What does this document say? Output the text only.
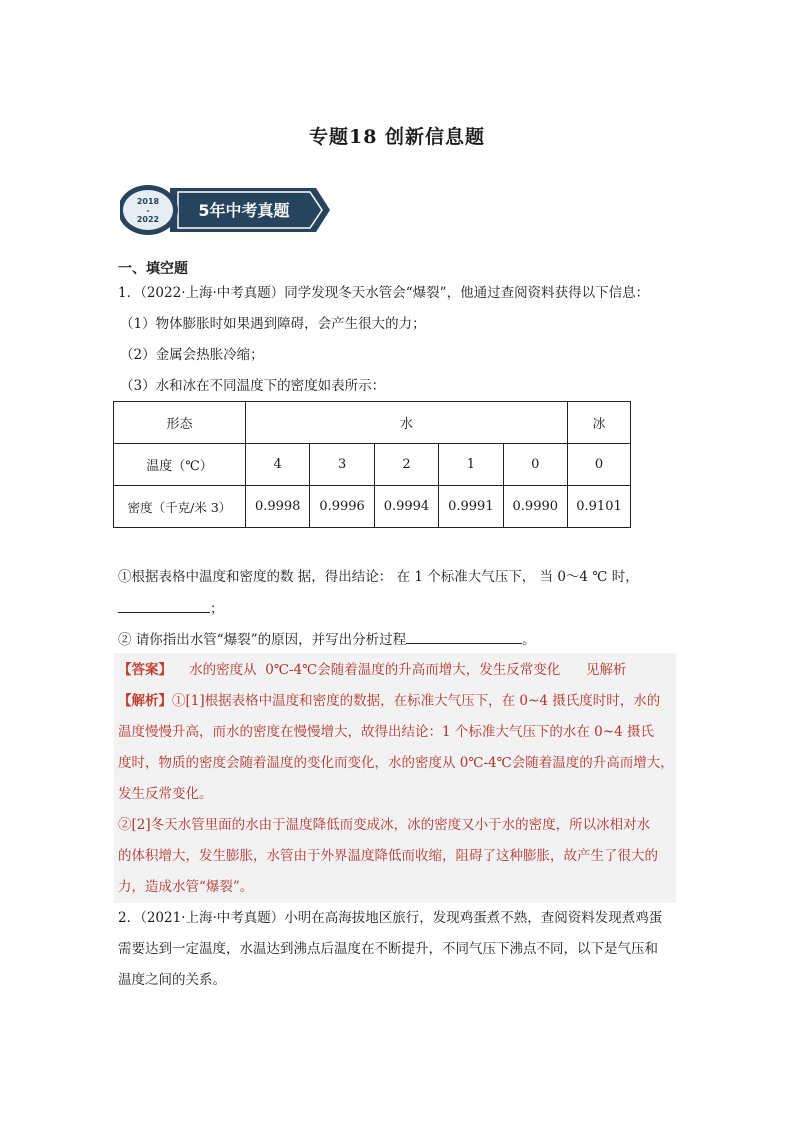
专题18 创新信息题
2018
-
2022 5年中考真题
一、填空题
1．（2022·上海·中考真题）同学发现冬天水管会“爆裂”，他通过查阅资料获得以下信息：
（1）物体膨胀时如果遇到障碍，会产生很大的力；
（2）金属会热胀冷缩；
（3）水和冰在不同温度下的密度如表所示：
形态	水					冰
温度（℃）	4	3	2	1	0	0
密度（千克/米 3）	0.9998	0.9996	0.9994	0.9991	0.9990	0.9101
①根据表格中温度和密度的数 据，得出结论： 在 1 个标准大气压下， 当 0～4 ℃ 时，
；
② 请你指出水管“爆裂”的原因，并写出分析过程	。
【答案】    水的密度从  0℃-4℃会随着温度的升高而增大，发生反常变化      见解析
【解析】①[1]根据表格中温度和密度的数据，在标准大气压下，在 0~4 摄氏度时时，水的
温度慢慢升高，而水的密度在慢慢增大，故得出结论：1 个标准大气压下的水在 0~4 摄氏
度时，物质的密度会随着温度的变化而变化，水的密度从 0℃-4℃会随着温度的升高而增大，
发生反常变化。
②[2]冬天水管里面的水由于温度降低而变成冰，冰的密度又小于水的密度，所以冰相对水
的体积增大，发生膨胀，水管由于外界温度降低而收缩，阻碍了这种膨胀，故产生了很大的
力，造成水管“爆裂”。
2．（2021·上海·中考真题）小明在高海拔地区旅行，发现鸡蛋煮不熟，查阅资料发现煮鸡蛋
需要达到一定温度，水温达到沸点后温度在不断提升，不同气压下沸点不同，以下是气压和
温度之间的关系。
